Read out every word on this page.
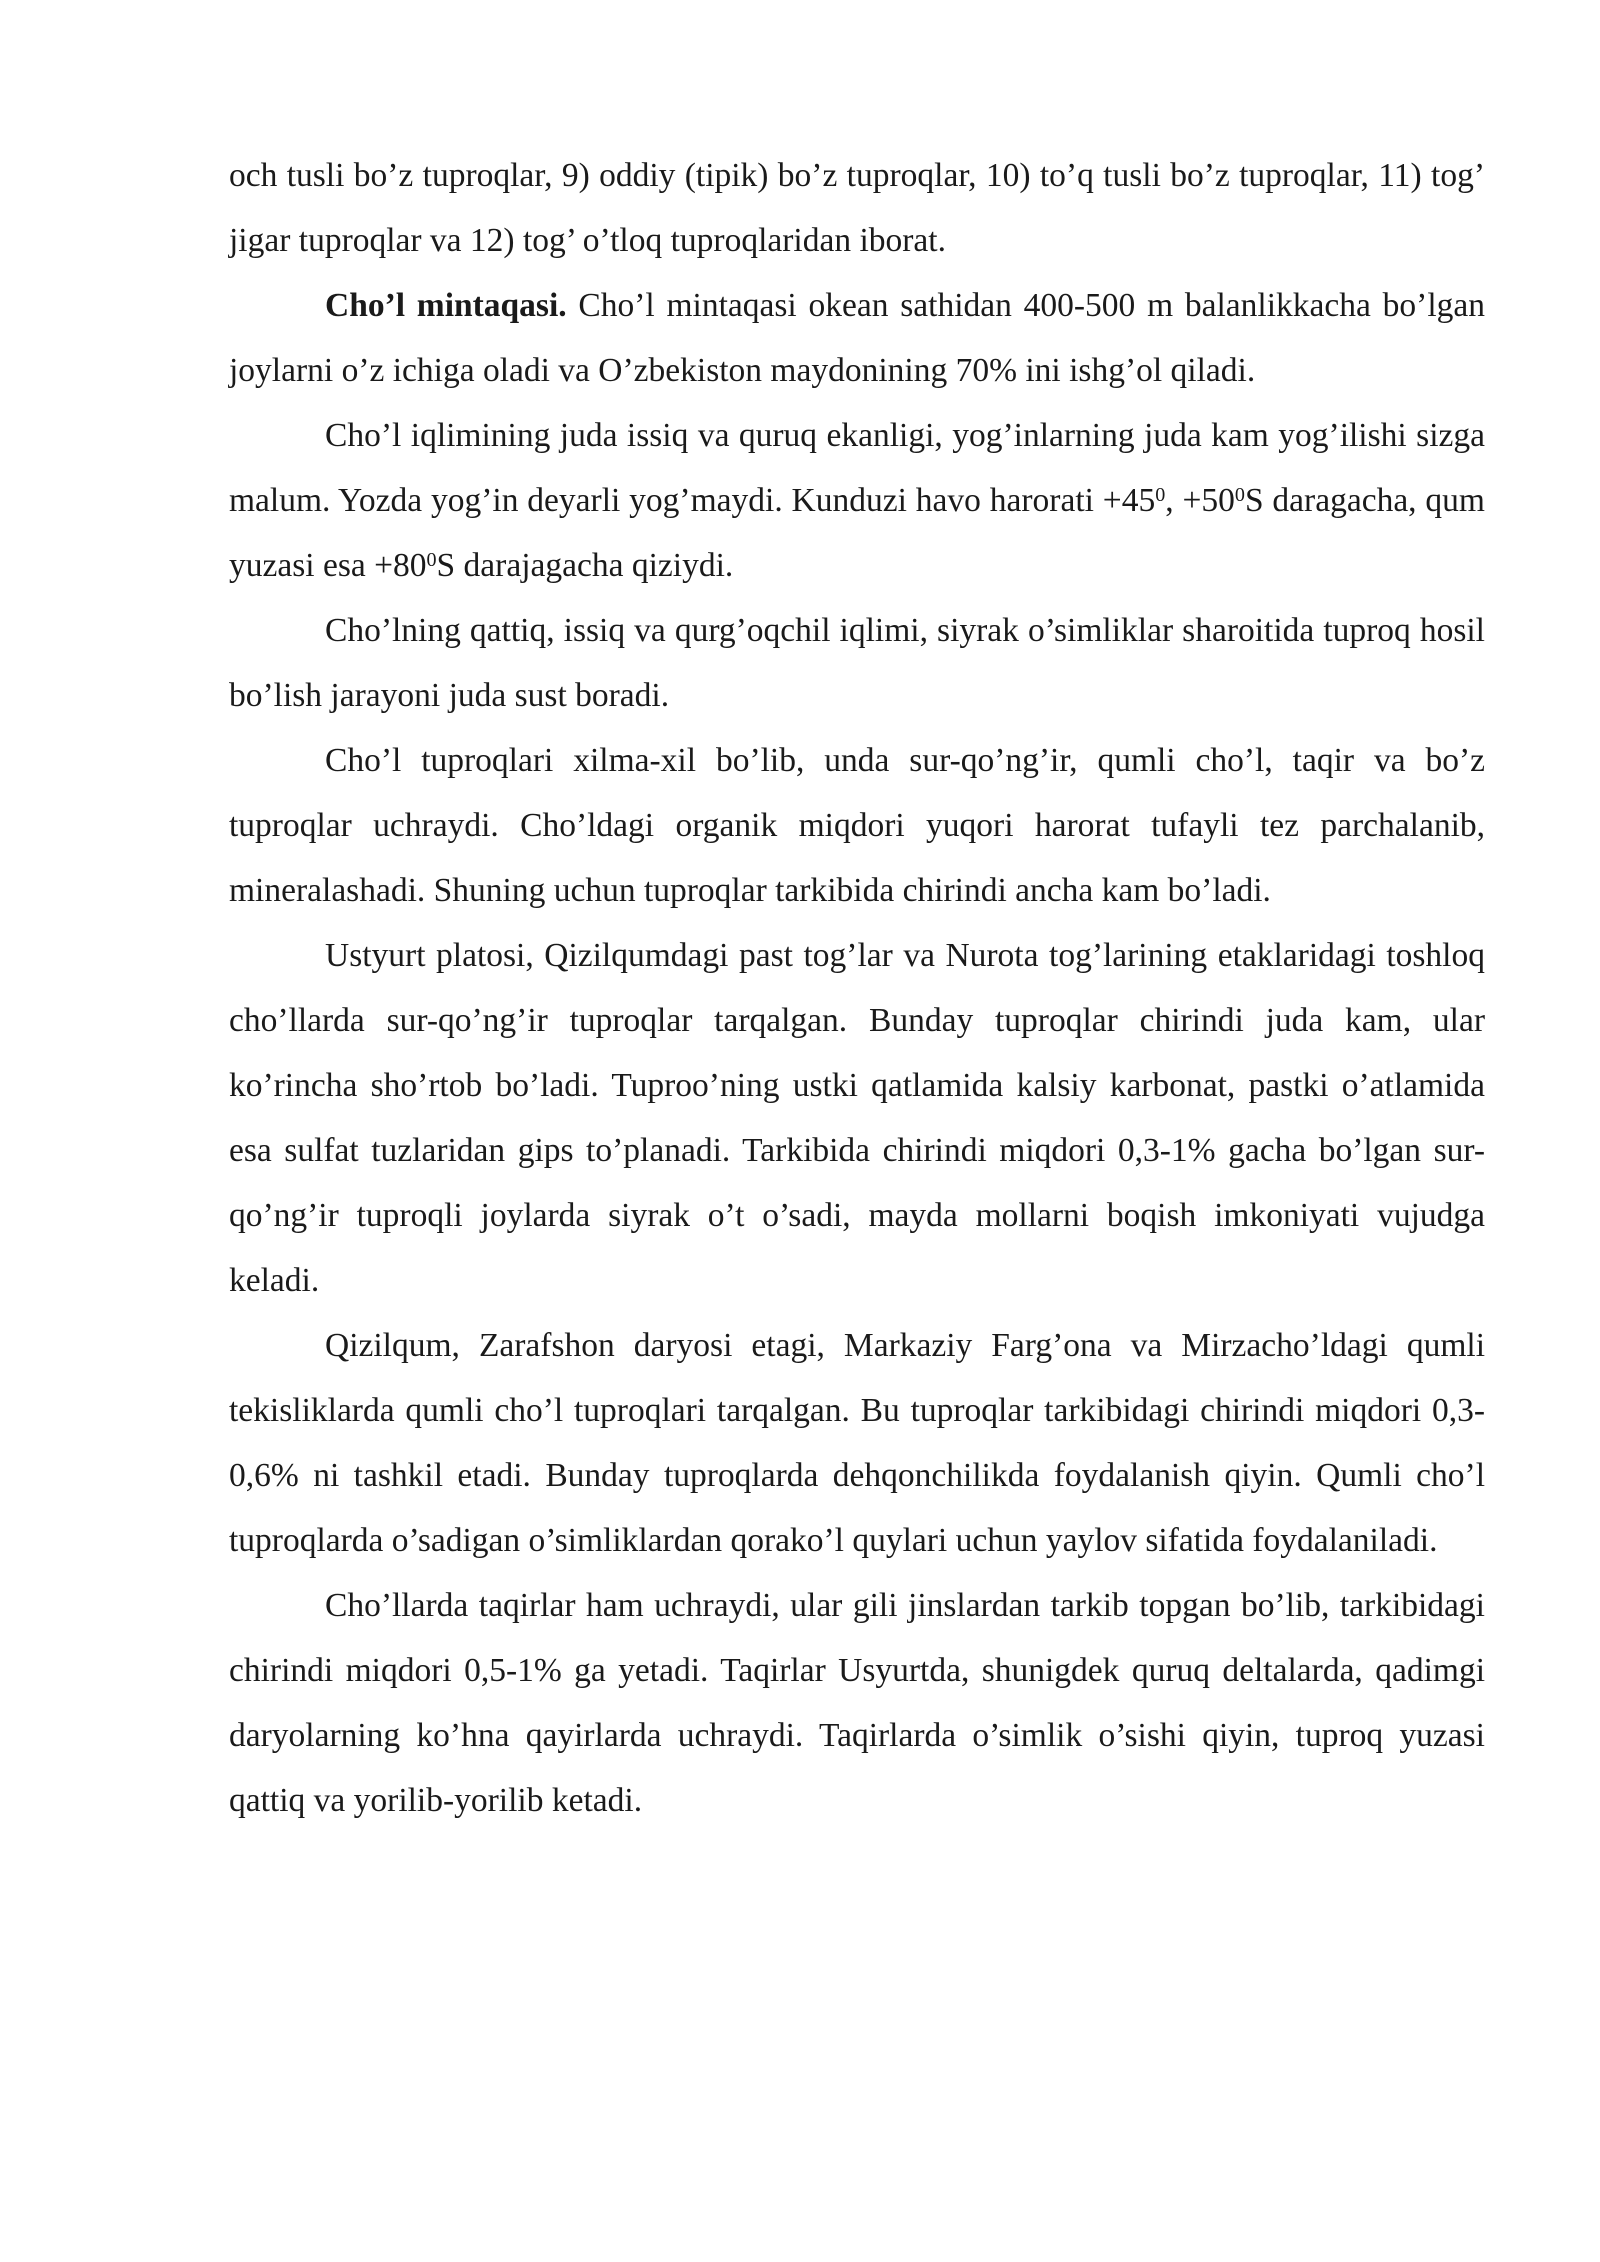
och tusli bo’z tuproqlar, 9) oddiy (tipik) bo’z tuproqlar, 10) to’q tusli bo’z tuproqlar, 11) tog’ jigar tuproqlar va 12) tog’ o’tloq tuproqlaridan iborat.

Cho’l mintaqasi. Cho’l mintaqasi okean sathidan 400-500 m balanlikkacha bo’lgan joylarni o’z ichiga oladi va O’zbekiston maydonining 70% ini ishg’ol qiladi.

Cho’l iqlimining juda issiq va quruq ekanligi, yog’inlarning juda kam yog’ilishi sizga malum. Yozda yog’in deyarli yog’maydi. Kunduzi havo harorati $+45^0$, $+50^0S$ daragacha, qum yuzasi esa $+80^0S$ darajagacha qiziydi.

Cho’lning qattiq, issiq va qurg’oqchil iqlimi, siyrak o’simliklar sharoitida tuproq hosil bo’lish jarayoni juda sust boradi.

Cho’l tuproqlari xilma-xil bo’lib, unda sur-qo’ng’ir, qumli cho’l, taqir va bo’z tuproqlar uchraydi. Cho’ldagi organik miqdori yuqori harorat tufayli tez parchalanib, mineralashadi. Shuning uchun tuproqlar tarkibida chirindi ancha kam bo’ladi.

Ustyurt platosi, Qizilqumdagi past tog’lar va Nurota tog’larining etaklaridagi toshloq cho’llarda sur-qo’ng’ir tuproqlar tarqalgan. Bunday tuproqlar chirindi juda kam, ular ko’rincha sho’rtob bo’ladi. Tuproo’ning ustki qatlamida kalsiy karbonat, pastki o’atlamida esa sulfat tuzlaridan gips to’planadi. Tarkibida chirindi miqdori 0,3-1% gacha bo’lgan sur-qo’ng’ir tuproqli joylarda siyrak o’t o’sadi, mayda mollarni boqish imkoniyati vujudga keladi.

Qizilqum, Zarafshon daryosi etagi, Markaziy Farg’ona va Mirzacho’ldagi qumli tekisliklarda qumli cho’l tuproqlari tarqalgan. Bu tuproqlar tarkibidagi chirindi miqdori 0,3-0,6% ni tashkil etadi. Bunday tuproqlarda dehqonchilikda foydalanish qiyin. Qumli cho’l tuproqlarda o’sadigan o’simliklardan qorako’l quylari uchun yaylov sifatida foydalaniladi.

Cho’llarda taqirlar ham uchraydi, ular gili jinslardan tarkib topgan bo’lib, tarkibidagi chirindi miqdori 0,5-1% ga yetadi. Taqirlar Usyurtda, shunigdek quruq deltalarda, qadimgi daryolarning ko’hna qayirlarda uchraydi. Taqirlarda o’simlik o’sishi qiyin, tuproq yuzasi qattiq va yorilib-yorilib ketadi.
